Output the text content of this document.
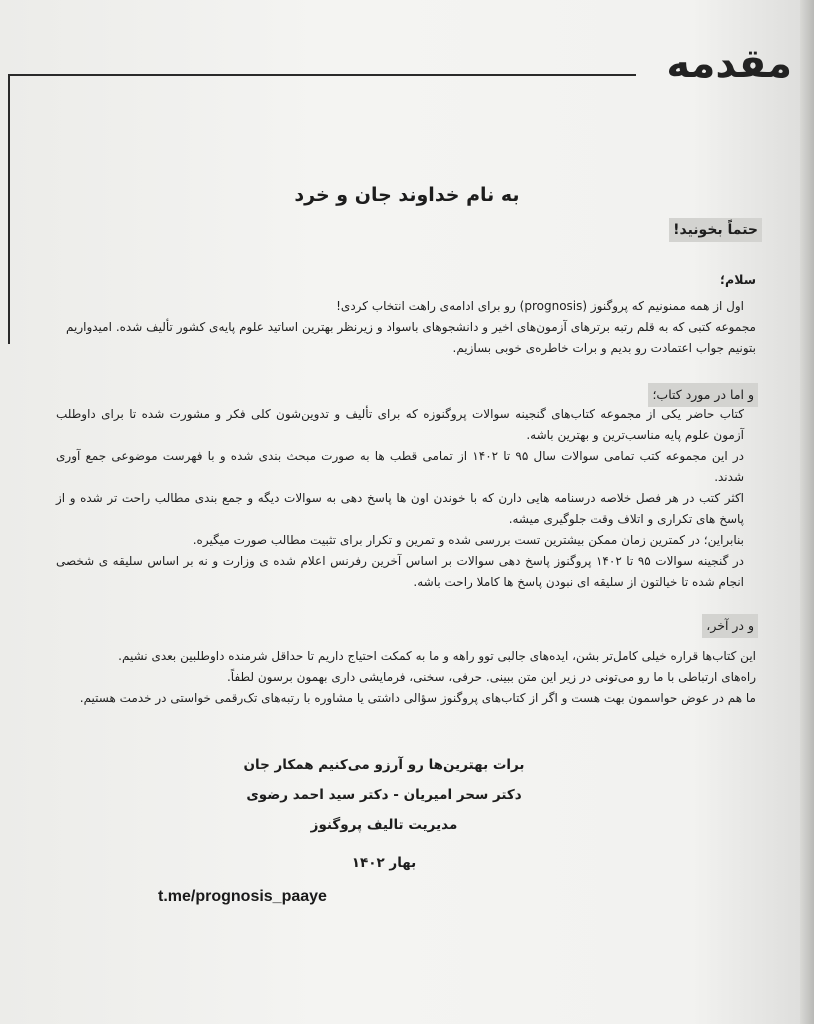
مقدمه
به نام خداوند جان و خرد
حتماً بخونید!
سلام؛

اول از همه ممنونیم که پروگنوز (prognosis) رو برای ادامه‌ی راهت انتخاب کردی!

مجموعه کتبی که به قلم رتبه برترهای آزمون‌های اخیر و دانشجوهای باسواد و زیرنظر بهترین اساتید علوم پایه‌ی کشور تألیف شده. امیدواریم بتونیم جواب اعتمادت رو بدیم و برات خاطره‌ی خوبی بسازیم.

و اما در مورد کتاب؛

کتاب حاضر یکی از مجموعه کتاب‌های گنجینه سوالات پروگنوزه که برای تألیف و تدوین‌شون کلی فکر و مشورت شده تا برای داوطلب آزمون علوم پایه مناسب‌ترین و بهترین باشه.

در این مجموعه کتب تمامی سوالات سال ۹۵ تا ۱۴۰۲ از تمامی قطب ها به صورت مبحث بندی شده و با فهرست موضوعی جمع آوری شدند.

اکثر کتب در هر فصل خلاصه درسنامه هایی دارن که با خوندن اون ها پاسخ دهی به سوالات دیگه و جمع بندی مطالب راحت تر شده و از پاسخ های تکراری و اتلاف وقت جلوگیری میشه.

بنابراین؛ در کمترین زمان ممکن بیشترین تست بررسی شده و تمرین و تکرار برای تثبیت مطالب صورت میگیره.

در گنجینه سوالات ۹۵ تا ۱۴۰۲ پروگنوز پاسخ دهی سوالات بر اساس آخرین رفرنس اعلام شده ی وزارت و نه بر اساس سلیقه ی شخصی انجام شده تا خیالتون از سلیقه ای نبودن پاسخ ها کاملا راحت باشه.

و در آخر،

این کتاب‌ها قراره خیلی کامل‌تر بشن، ایده‌های جالبی توو راهه و ما به کمکت احتیاج داریم تا حداقل شرمنده داوطلبین بعدی نشیم.

راه‌های ارتباطی با ما رو می‌تونی در زیر این متن ببینی. حرفی، سخنی، فرمایشی داری بهمون برسون لطفاً.

ما هم در عوض حواسمون بهت هست و اگر از کتاب‌های پروگنوز سؤالی داشتی یا مشاوره با رتبه‌های تک‌رقمی خواستی در خدمت هستیم.

برات بهترین‌ها رو آرزو می‌کنیم همکار جان
دکتر سحر امیریان - دکتر سید احمد رضوی
مدیریت تالیف پروگنوز
بهار ۱۴۰۲
t.me/prognosis_paaye
